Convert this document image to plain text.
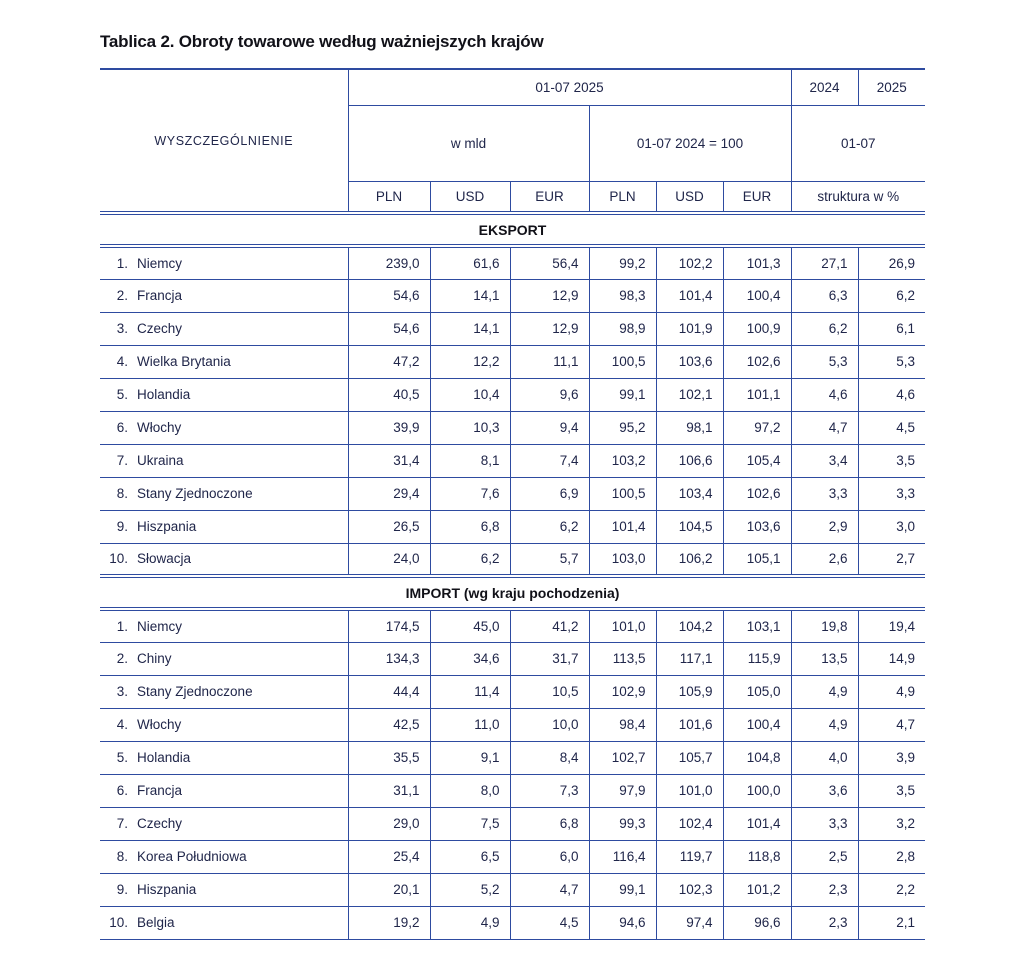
Tablica 2. Obroty towarowe według ważniejszych krajów
WYSZCZEGÓLNIENIE	01-07 2025						2024	2025
	w mld			01-07 2024 = 100			01-07	
	PLN	USD	EUR	PLN	USD	EUR	struktura w %	
EKSPORT								
1. Niemcy	239,0	61,6	56,4	99,2	102,2	101,3	27,1	26,9
2. Francja	54,6	14,1	12,9	98,3	101,4	100,4	6,3	6,2
3. Czechy	54,6	14,1	12,9	98,9	101,9	100,9	6,2	6,1
4. Wielka Brytania	47,2	12,2	11,1	100,5	103,6	102,6	5,3	5,3
5. Holandia	40,5	10,4	9,6	99,1	102,1	101,1	4,6	4,6
6. Włochy	39,9	10,3	9,4	95,2	98,1	97,2	4,7	4,5
7. Ukraina	31,4	8,1	7,4	103,2	106,6	105,4	3,4	3,5
8. Stany Zjednoczone	29,4	7,6	6,9	100,5	103,4	102,6	3,3	3,3
9. Hiszpania	26,5	6,8	6,2	101,4	104,5	103,6	2,9	3,0
10. Słowacja	24,0	6,2	5,7	103,0	106,2	105,1	2,6	2,7
IMPORT (wg kraju pochodzenia)								
1. Niemcy	174,5	45,0	41,2	101,0	104,2	103,1	19,8	19,4
2. Chiny	134,3	34,6	31,7	113,5	117,1	115,9	13,5	14,9
3. Stany Zjednoczone	44,4	11,4	10,5	102,9	105,9	105,0	4,9	4,9
4. Włochy	42,5	11,0	10,0	98,4	101,6	100,4	4,9	4,7
5. Holandia	35,5	9,1	8,4	102,7	105,7	104,8	4,0	3,9
6. Francja	31,1	8,0	7,3	97,9	101,0	100,0	3,6	3,5
7. Czechy	29,0	7,5	6,8	99,3	102,4	101,4	3,3	3,2
8. Korea Południowa	25,4	6,5	6,0	116,4	119,7	118,8	2,5	2,8
9. Hiszpania	20,1	5,2	4,7	99,1	102,3	101,2	2,3	2,2
10. Belgia	19,2	4,9	4,5	94,6	97,4	96,6	2,3	2,1
